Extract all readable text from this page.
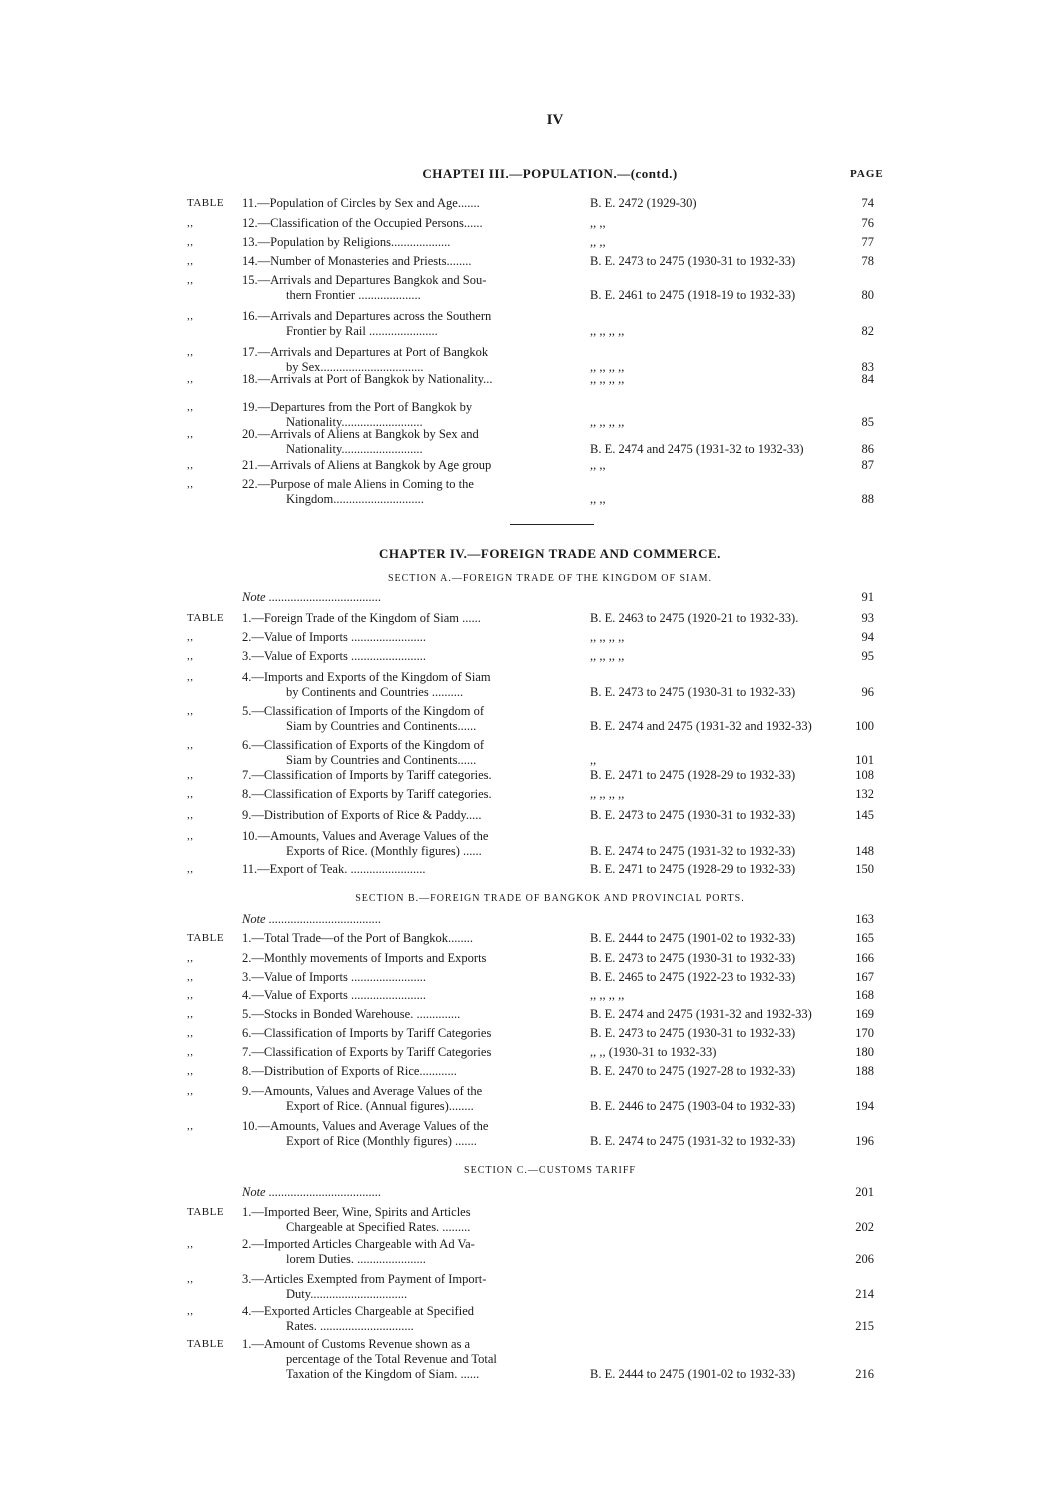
IV
PAGE
CHAPTEI III.—POPULATION.—(contd.)
TABLE	11.—Population of Circles by Sex and Age.......	B. E. 2472 (1929-30)	74
,,	12.—Classification of the Occupied Persons......	,, ,,	76
,,	13.—Population by Religions...................	,, ,,	77
,,	14.—Number of Monasteries and Priests........	B. E. 2473 to 2475 (1930-31 to 1932-33)	78
,,	15.—Arrivals and Departures Bangkok and Sou-
thern Frontier ....................	B. E. 2461 to 2475 (1918-19 to 1932-33)	80
,,	16.—Arrivals and Departures across the Southern
Frontier by Rail ......................	,, ,, ,, ,,	82
,,	17.—Arrivals and Departures at Port of Bangkok
by Sex.................................	,, ,, ,, ,,	83
,,	18.—Arrivals at Port of Bangkok by Nationality...	,, ,, ,, ,,	84
,,	19.—Departures from the Port of Bangkok by
Nationality..........................	,, ,, ,, ,,	85
,,	20.—Arrivals of Aliens at Bangkok by Sex and
Nationality..........................	B. E. 2474 and 2475 (1931-32 to 1932-33)	86
,,	21.—Arrivals of Aliens at Bangkok by Age group	,, ,,	87
,,	22.—Purpose of male Aliens in Coming to the
Kingdom.............................	,, ,,	88
CHAPTER IV.—FOREIGN TRADE AND COMMERCE.
SECTION A.—FOREIGN TRADE OF THE KINGDOM OF SIAM.
Note ....................................	91
TABLE	1.—Foreign Trade of the Kingdom of Siam ......	B. E. 2463 to 2475 (1920-21 to 1932-33).	93
,,	2.—Value of Imports ........................	,, ,, ,, ,,	94
,,	3.—Value of Exports ........................	,, ,, ,, ,,	95
,,	4.—Imports and Exports of the Kingdom of Siam
by Continents and Countries ..........	B. E. 2473 to 2475 (1930-31 to 1932-33)	96
,,	5.—Classification of Imports of the Kingdom of
Siam by Countries and Continents......	B. E. 2474 and 2475 (1931-32 and 1932-33)	100
,,	6.—Classification of Exports of the Kingdom of
Siam by Countries and Continents......	,,	101
,,	7.—Classification of Imports by Tariff categories.	B. E. 2471 to 2475 (1928-29 to 1932-33)	108
,,	8.—Classification of Exports by Tariff categories.	,, ,, ,, ,,	132
,,	9.—Distribution of Exports of Rice & Paddy.....	B. E. 2473 to 2475 (1930-31 to 1932-33)	145
,,	10.—Amounts, Values and Average Values of the
Exports of Rice. (Monthly figures) ......	B. E. 2474 to 2475 (1931-32 to 1932-33)	148
,,	11.—Export of Teak. ........................	B. E. 2471 to 2475 (1928-29 to 1932-33)	150
SECTION B.—FOREIGN TRADE OF BANGKOK AND PROVINCIAL PORTS.
Note ....................................	163
TABLE	1.—Total Trade—of the Port of Bangkok........	B. E. 2444 to 2475 (1901-02 to 1932-33)	165
,,	2.—Monthly movements of Imports and Exports	B. E. 2473 to 2475 (1930-31 to 1932-33)	166
,,	3.—Value of Imports ........................	B. E. 2465 to 2475 (1922-23 to 1932-33)	167
,,	4.—Value of Exports ........................	,, ,, ,, ,,	168
,,	5.—Stocks in Bonded Warehouse. ..............	B. E. 2474 and 2475 (1931-32 and 1932-33)	169
,,	6.—Classification of Imports by Tariff Categories	B. E. 2473 to 2475 (1930-31 to 1932-33)	170
,,	7.—Classification of Exports by Tariff Categories	,, ,, (1930-31 to 1932-33)	180
,,	8.—Distribution of Exports of Rice............	B. E. 2470 to 2475 (1927-28 to 1932-33)	188
,,	9.—Amounts, Values and Average Values of the
Export of Rice. (Annual figures)........	B. E. 2446 to 2475 (1903-04 to 1932-33)	194
,,	10.—Amounts, Values and Average Values of the
Export of Rice (Monthly figures) .......	B. E. 2474 to 2475 (1931-32 to 1932-33)	196
SECTION C.—CUSTOMS TARIFF
Note ....................................	201
TABLE	1.—Imported Beer, Wine, Spirits and Articles
Chargeable at Specified Rates. .........	202
,,	2.—Imported Articles Chargeable with Ad Va-
lorem Duties. ......................	206
,,	3.—Articles Exempted from Payment of Import-
Duty...............................	214
,,	4.—Exported Articles Chargeable at Specified
Rates. ..............................	215
TABLE	1.—Amount of Customs Revenue shown as a
percentage of the Total Revenue and Total
Taxation of the Kingdom of Siam. ......	B. E. 2444 to 2475 (1901-02 to 1932-33)	216
